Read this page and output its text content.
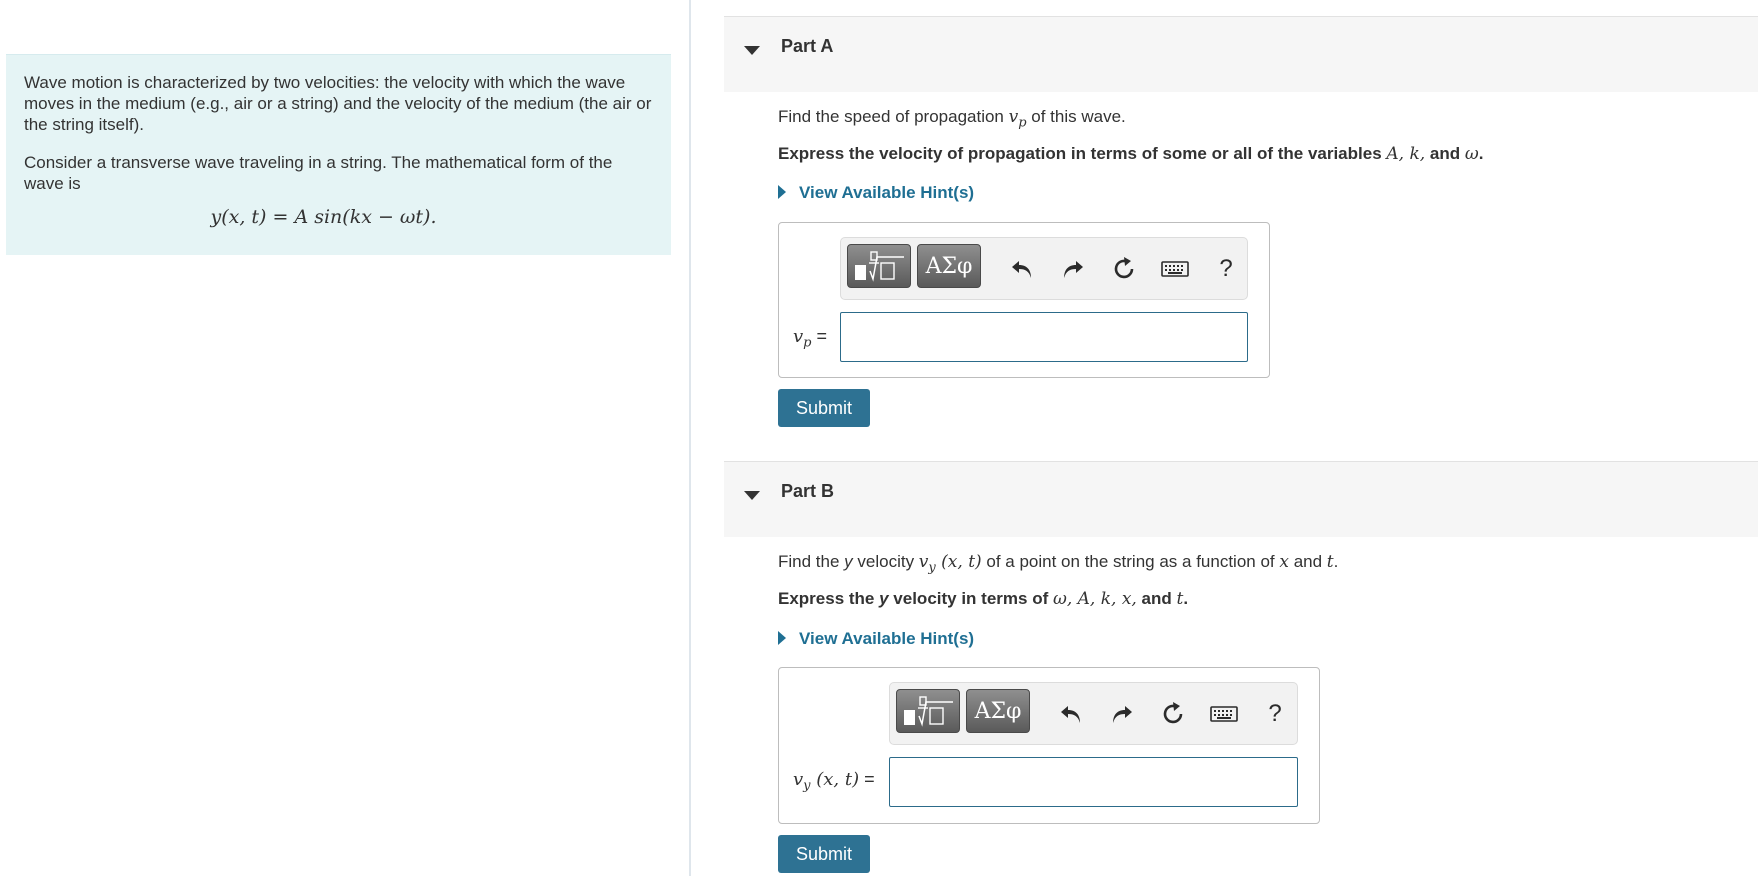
Wave motion is characterized by two velocities: the velocity with which the wave moves in the medium (e.g., air or a string) and the velocity of the medium (the air or the string itself).

Consider a transverse wave traveling in a string. The mathematical form of the wave is

y(x, t) = A sin(kx − ωt).
Part A
Find the speed of propagation $v_p$ of this wave.
Express the velocity of propagation in terms of some or all of the variables A, k, and ω.
View Available Hint(s)
ΑΣφ	?
$v_p$ =
Submit
Part B
Find the y velocity $v_y$ (x, t) of a point on the string as a function of x and t.
Express the y velocity in terms of ω, A, k, x, and t.
View Available Hint(s)
ΑΣφ	?
$v_y$ (x, t) =
Submit
